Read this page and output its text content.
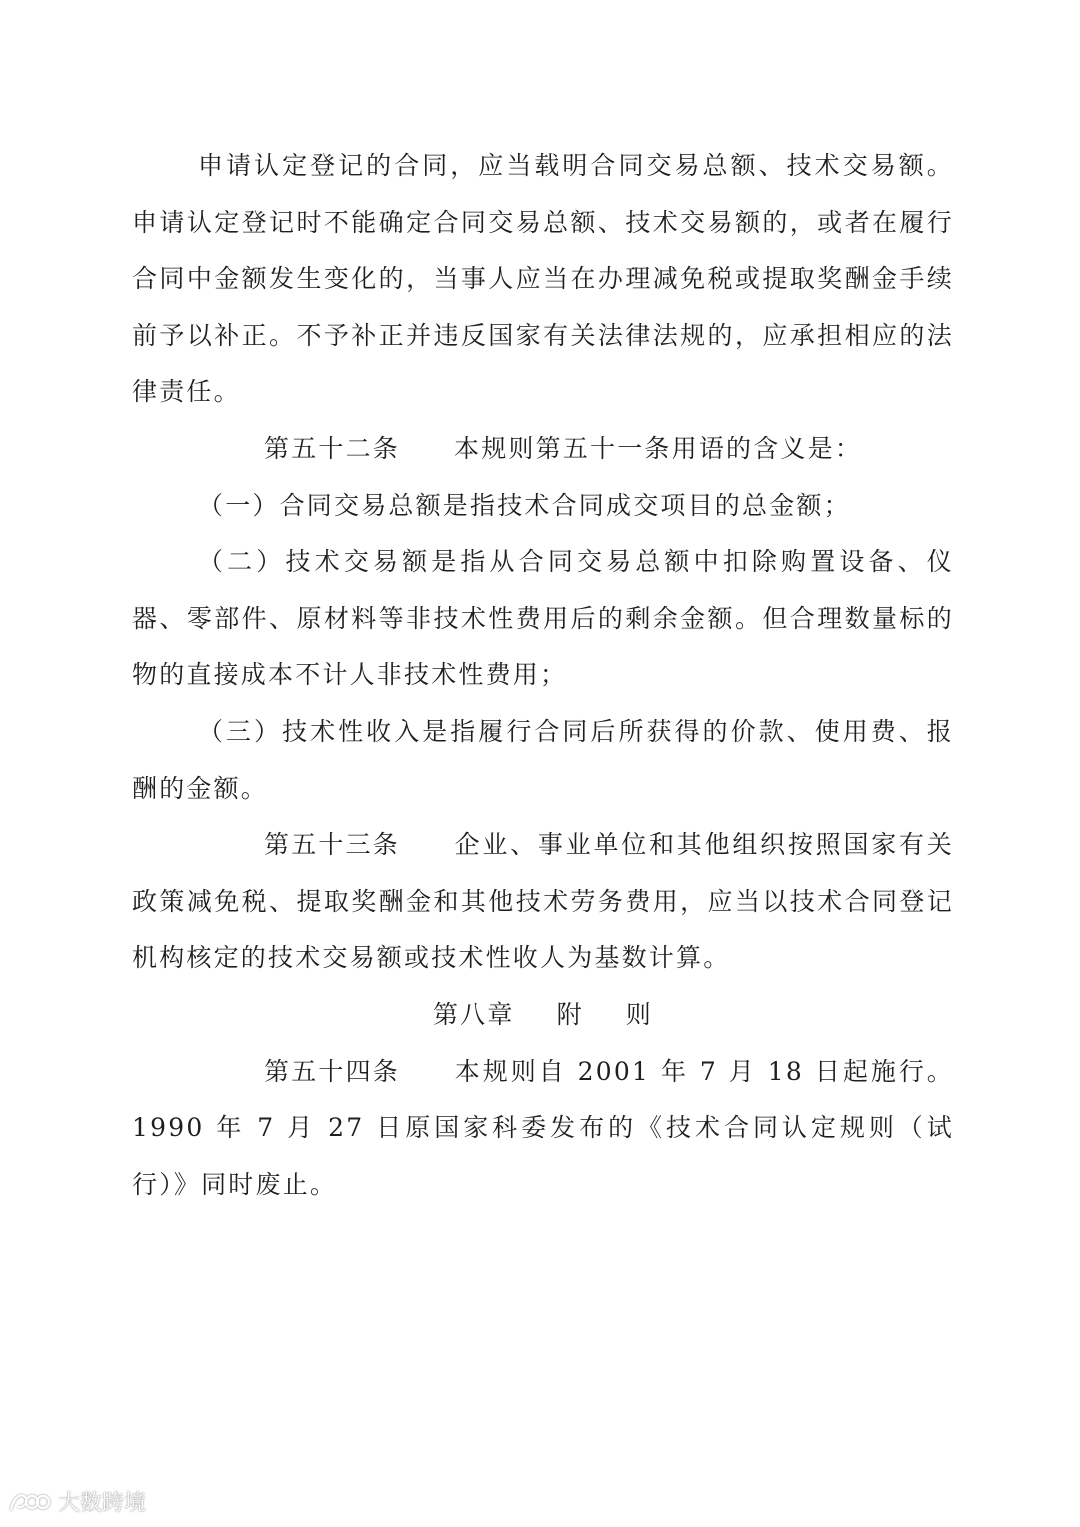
申请认定登记的合同，应当载明合同交易总额、技术交易额。申请认定登记时不能确定合同交易总额、技术交易额的，或者在履行合同中金额发生变化的，当事人应当在办理减免税或提取奖酬金手续前予以补正。不予补正并违反国家有关法律法规的，应承担相应的法律责任。

第五十二条 本规则第五十一条用语的含义是：

（一）合同交易总额是指技术合同成交项目的总金额；

（二）技术交易额是指从合同交易总额中扣除购置设备、仪器、零部件、原材料等非技术性费用后的剩余金额。但合理数量标的物的直接成本不计人非技术性费用；

（三）技术性收入是指履行合同后所获得的价款、使用费、报酬的金额。

第五十三条 企业、事业单位和其他组织按照国家有关政策减免税、提取奖酬金和其他技术劳务费用，应当以技术合同登记机构核定的技术交易额或技术性收人为基数计算。

第八章 附 则

第五十四条 本规则自 2001 年 7 月 18 日起施行。1990 年 7 月 27 日原国家科委发布的《技术合同认定规则（试行）》同时废止。

大数跨境
